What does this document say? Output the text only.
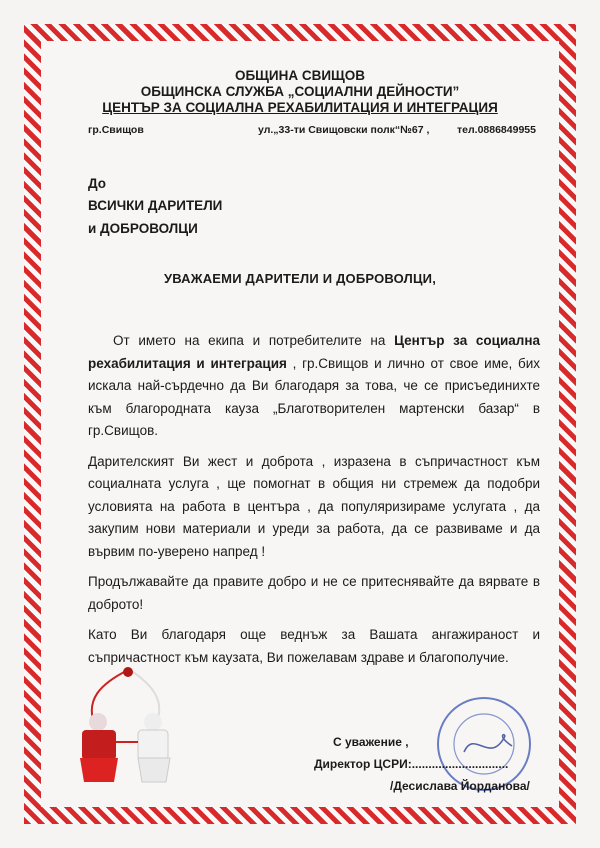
ОБЩИНА СВИЩОВ

ОБЩИНСКА СЛУЖБА „СОЦИАЛНИ ДЕЙНОСТИ”

ЦЕНТЪР ЗА СОЦИАЛНА РЕХАБИЛИТАЦИЯ И ИНТЕГРАЦИЯ

гр.Свищов	ул.„33-ти Свищовски полк“№67 ,	тел.0886849955
До
ВСИЧКИ ДАРИТЕЛИ
и ДОБРОВОЛЦИ
УВАЖАЕМИ ДАРИТЕЛИ И ДОБРОВОЛЦИ,

От името на екипа и потребителите на Център за социална рехабилитация и интеграция , гр.Свищов и лично от свое име, бих искала най-сърдечно да Ви благодаря за това, че се присъединихте към благородната кауза „Благотворителен мартенски базар“ в гр.Свищов.

Дарителският Ви жест и доброта , изразена в съпричастност към социалната услуга , ще помогнат в общия ни стремеж да подобри условията на работа в центъра , да популяризираме услугата , да закупим нови материали и уреди за работа, да се развиваме и да вървим по-уверено напред !

Продължавайте да правите добро и не се притеснявайте да вярвате в доброто!

Като Ви благодаря още веднъж за Вашата ангажираност и съпричастност към каузата, Ви пожелавам здраве и благополучие.

С уважение ,
Директор ЦСРИ:.............................
/Десислава Йорданова/
